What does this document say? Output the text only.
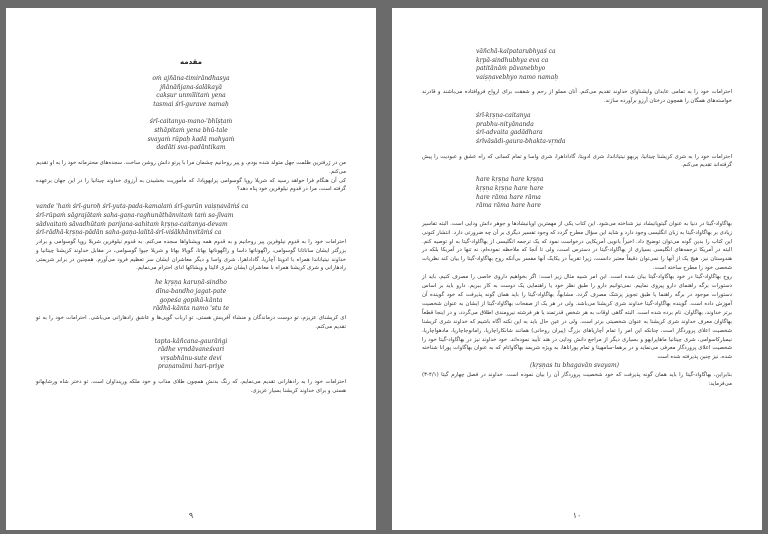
مقدمه
oṁ ajñāna-timirāndhasya
jñānāñjana-śalākayā
cakṣur unmīlitaṁ yena
tasmai śrī-gurave namaḥ
śrī-caitanya-mano-'bhīṣṭaṁ
sthāpitaṁ yena bhū-tale
svayaṁ rūpaḥ kadā mahyaṁ
dadāti sva-padāntikam

من در ژرفترین ظلمت جهل متولد شده بودم، و پیر روحانیم چشمان مرا با پرتو دانش روشن ساخت. سجده‌های محترمانه خود را به او تقدیم می‌کنم.

کی آن هنگام فرا خواهد رسید که شریلا روپا گوسوامی پرابهوپادا، که مأموریت بخشیدن به آرزوی خداوند چیتانیا را در این جهان برعهده گرفته است، مرا در قدوم نیلوفرین خود پناه دهد؟

vande 'haṁ śrī-guroḥ śrī-yuta-pada-kamalaṁ śrī-gurūn vaiṣṇavāṁś ca
śrī-rūpaṁ sāgrajātaṁ saha-gaṇa-raghunāthānvitaṁ taṁ sa-jīvam
sādvaitaṁ sāvadhūtaṁ parijana-sahitaṁ kṛṣṇa-caitanya-devam
śrī-rādhā-kṛṣṇa-pādān saha-gaṇa-lalitā-śrī-viśākhānvitāṁś ca

احترامات خود را به قدوم نیلوفرین پیر روحانیم و به قدوم همه ویشناواها سجده می‌کنم. به قدوم نیلوفرین شریلا روپا گوسوامی و برادر بزرگتر ایشان ساناتانا گوسوامی، راگهوناتها داسا و راگهوناتها بهاتا، گوپالا بهاتا و شریلا جیوا گوسوامی، در مقابل خداوند کریشنا چیتانیا و خداوند نیتیاناندا همراه با ادویتا آچاریا، گاداداهرا، شری واسا و دیگر معاشران ایشان سر تعظیم فرود می‌آورم. همچنین در برابر شریمتی رادهارانی و شری کریشنا همراه با معاشران ایشان شری لالیتا و ویشاکها ادای احترام می‌نمایم.

he kṛṣṇa karuṇā-sindho
dīna-bandho jagat-pate
gopeśa gopikā-kānta
rādhā-kānta namo 'stu te

ای کریشنای عزیزم، تو دوست درماندگان و منشاء آفرینش هستی. تو ارباب گوپی‌ها و عاشق رادهارانی می‌باشی. احترامات خود را به تو تقدیم می‌کنم.

tapta-kāñcana-gaurāṅgi
rādhe vṛndāvaneśvari
vṛṣabhānu-sute devi
praṇamāmi hari-priye

احترامات خود را به رادهارانی تقدیم می‌نمایم، که رنگ بدنش همچون طلای مذاب و خود ملکه ورینداوان است. تو دختر شاه ورشابهانو هستی و برای خداوند کریشنا بسیار عزیزی.

۹
vāñchā-kalpatarubhyaś ca
kṛpā-sindhubhya eva ca
patitānāṁ pāvanebhyo
vaiṣṇavebhyo namo namaḥ

احترامات خود را به تمامی عابدان وایشناوای خداوند تقدیم می‌کنم. آنان مملو از رحم و شفقت برای ارواح فروافتاده می‌باشند و قادرند خواسته‌های همگان را همچون درختان آرزو برآورده سازند.

śrī-kṛṣṇa-caitanya
prabhu-nityānanda
śrī-advaita gadādhara
śrīvāsādi-gaura-bhakta-vṛnda

احترامات خود را به شری کریشنا چیتانیا، پربهو نیتیاناندا، شری ادویتا، گاداداهرا، شری واسا و تمام کسانی که راه عشق و عبودیت را پیش گرفته‌اند تقدیم می‌کنم.

hare kṛṣṇa hare kṛṣṇa
kṛṣṇa kṛṣṇa hare hare
hare rāma hare rāma
rāma rāma hare hare

بهاگاواد-گیتا در دنیا به عنوان گیتوپانیشاد نیز شناخته می‌شود. این کتاب یکی از مهمترین اوپانیشادها و جوهر دانش ودایی است. البته تفاسیر زیادی بر بهاگاواد-گیتا به زبان انگلیسی وجود دارد و شاید این سؤال مطرح گردد که وجود تفسیر دیگری بر آن چه ضرورتی دارد. انتشار کنونی این کتاب را بدین گونه می‌توان توضیح داد. اخیراً بانویی آمریکایی درخواست نمود که یک ترجمه انگلیسی از بهاگاواد-گیتا به او توصیه کنم. البته در آمریکا ترجمه‌های انگلیسی بسیاری از بهاگاواد-گیتا در دسترس است، ولی تا آنجا که ملاحظه نموده‌ام، نه تنها در آمریکا بلکه در هندوستان نیز، هیچ یک از آنها را نمی‌توان دقیقاً معتبر دانست، زیرا تقریباً در یکایک آنها مفسر بی‌آنکه روح بهاگاواد-گیتا را بیان کند نظریات شخصی خود را مطرح ساخته است.

روح بهاگاواد-گیتا در خود بهاگاواد-گیتا بیان شده است. این امر شبیه مثال زیر است: اگر بخواهیم داروی خاصی را مصرف کنیم، باید از دستورات برگه راهنمای دارو پیروی نماییم. نمی‌توانیم دارو را طبق نظر خود یا راهنمایی یک دوست به کار ببریم. دارو باید بر اساس دستورات موجود در برگه راهنما یا طبق تجویز پزشک مصرف گردد. مشابهاً، بهاگاواد-گیتا را باید همان گونه پذیرفت که خود گوینده آن آموزش داده است. گوینده بهاگاواد-گیتا خداوند شری کریشنا می‌باشد. ولی در هر یک از صفحات بهاگاواد-گیتا از ایشان به عنوان شخصیت برتر خداوند، بهاگاوان، نام برده شده است. البته گاهی اوقات به هر شخص قدرتمند یا هر فرشته نیرومندی اطلاق می‌گردد، و در اینجا قطعاً بهاگاوان معرف خداوند شری کریشنا به عنوان شخصیتی برتر است. ولی در عین حال باید به این نکته آگاه باشیم که خداوند شری کریشنا شخصیت اعلای پروردگار است، چنانکه این امر را تمام آچاریاهای بزرگ (پیران روحانی) همانند شانکاراچاریا، رامانوجاچاریا، مادهواچاریا، نیمبارکاسوامی، شری چیتانیا ماهاپرابهو و بسیاری دیگر از مراجع دانش ودایی در هند تأیید نموده‌اند. خود خداوند نیز در بهاگاواد-گیتا خود را شخصیت اعلای پروردگار معرفی می‌نماید و در برهما-سامهیتا و تمام پورانا‌ها، به ویژه شریمد بهاگاواتام که به عنوان بهاگاوات پورانا شناخته شده، نیز چنین پذیرفته شده است

(kṛṣṇas tu bhagavān svayam)

بنابراین، بهاگاواد-گیتا را باید همان گونه پذیرفت که خود شخصیت پروردگار آن را بیان نموده است. خداوند در فصل چهارم گیتا (۴/۱-۳) می‌فرماید:

۱۰
